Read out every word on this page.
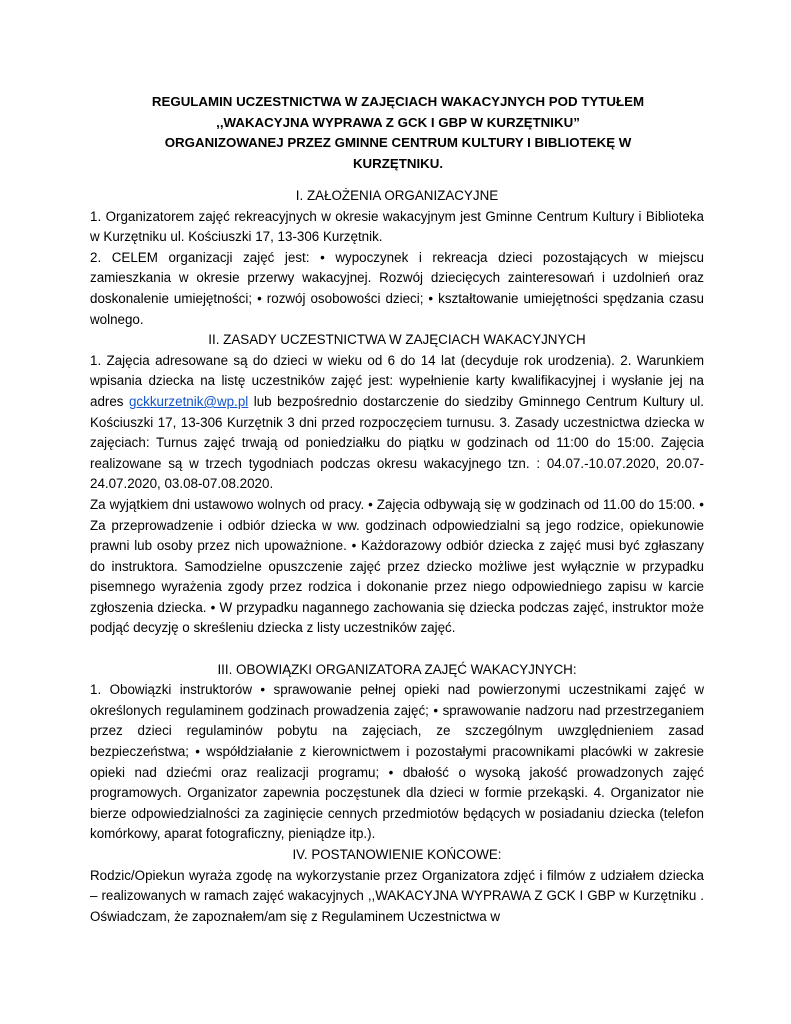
REGULAMIN UCZESTNICTWA W ZAJĘCIACH WAKACYJNYCH POD TYTUŁEM
,,WAKACYJNA WYPRAWA Z GCK I GBP W KURZĘTNIKU”
ORGANIZOWANEJ PRZEZ GMINNE CENTRUM KULTURY I BIBLIOTEKĘ W
KURZĘTNIKU.
I. ZAŁOŻENIA ORGANIZACYJNE
1. Organizatorem zajęć rekreacyjnych w okresie wakacyjnym jest Gminne Centrum Kultury i Biblioteka w Kurzętniku ul. Kościuszki 17, 13-306 Kurzętnik.
2. CELEM organizacji zajęć jest: • wypoczynek i rekreacja dzieci pozostających w miejscu zamieszkania w okresie przerwy wakacyjnej. Rozwój dziecięcych zainteresowań i uzdolnień oraz doskonalenie umiejętności; • rozwój osobowości dzieci; • kształtowanie umiejętności spędzania czasu wolnego.
II. ZASADY UCZESTNICTWA W ZAJĘCIACH WAKACYJNYCH
1. Zajęcia adresowane są do dzieci w wieku od 6 do 14 lat (decyduje rok urodzenia). 2. Warunkiem wpisania dziecka na listę uczestników zajęć jest: wypełnienie karty kwalifikacyjnej i wysłanie jej na adres gckkurzetnik@wp.pl lub bezpośrednio dostarczenie do siedziby Gminnego Centrum Kultury ul. Kościuszki 17, 13-306 Kurzętnik 3 dni przed rozpoczęciem turnusu. 3. Zasady uczestnictwa dziecka w zajęciach: Turnus zajęć trwają od poniedziałku do piątku w godzinach od 11:00 do 15:00. Zajęcia realizowane są w trzech tygodniach podczas okresu wakacyjnego tzn. : 04.07.-10.07.2020, 20.07-24.07.2020, 03.08-07.08.2020.
Za wyjątkiem dni ustawowo wolnych od pracy. • Zajęcia odbywają się w godzinach od 11.00 do 15:00. • Za przeprowadzenie i odbiór dziecka w ww. godzinach odpowiedzialni są jego rodzice, opiekunowie prawni lub osoby przez nich upoważnione. • Każdorazowy odbiór dziecka z zajęć musi być zgłaszany do instruktora. Samodzielne opuszczenie zajęć przez dziecko możliwe jest wyłącznie w przypadku pisemnego wyrażenia zgody przez rodzica i dokonanie przez niego odpowiedniego zapisu w karcie zgłoszenia dziecka. • W przypadku nagannego zachowania się dziecka podczas zajęć, instruktor może podjąć decyzję o skreśleniu dziecka z listy uczestników zajęć.
III. OBOWIĄZKI ORGANIZATORA ZAJĘĆ WAKACYJNYCH:
1. Obowiązki instruktorów • sprawowanie pełnej opieki nad powierzonymi uczestnikami zajęć w określonych regulaminem godzinach prowadzenia zajęć; • sprawowanie nadzoru nad przestrzeganiem przez dzieci regulaminów pobytu na zajęciach, ze szczególnym uwzględnieniem zasad bezpieczeństwa; • współdziałanie z kierownictwem i pozostałymi pracownikami placówki w zakresie opieki nad dziećmi oraz realizacji programu; • dbałość o wysoką jakość prowadzonych zajęć programowych. Organizator zapewnia poczęstunek dla dzieci w formie przekąski. 4. Organizator nie bierze odpowiedzialności za zaginięcie cennych przedmiotów będących w posiadaniu dziecka (telefon komórkowy, aparat fotograficzny, pieniądze itp.).
IV. POSTANOWIENIE KOŃCOWE:
Rodzic/Opiekun wyraża zgodę na wykorzystanie przez Organizatora zdjęć i filmów z udziałem dziecka – realizowanych w ramach zajęć wakacyjnych ,,WAKACYJNA WYPRAWA Z GCK I GBP w Kurzętniku . Oświadczam, że zapoznałem/am się z Regulaminem Uczestnictwa w
